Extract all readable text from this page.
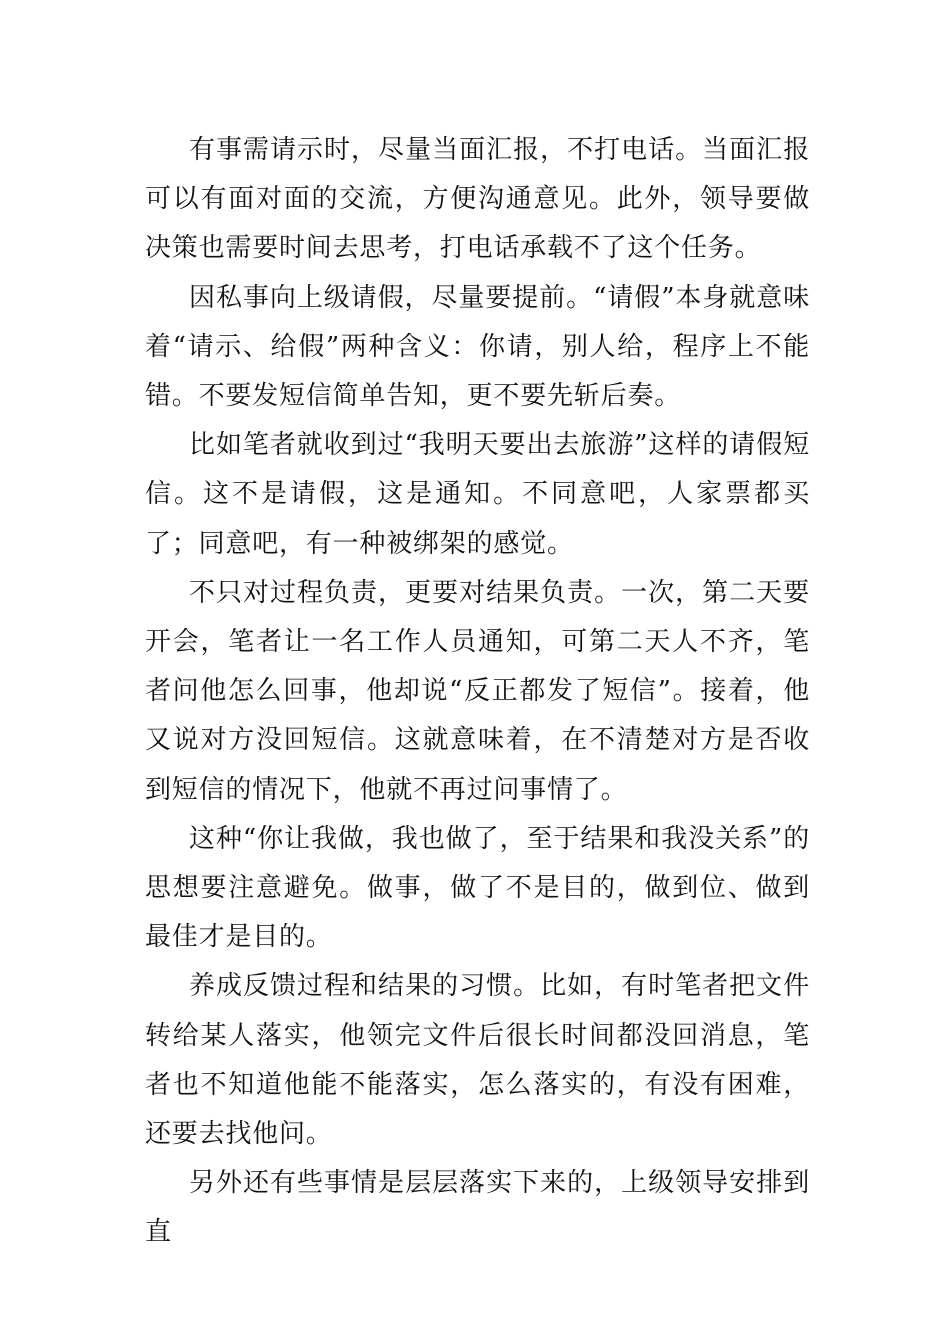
有事需请示时，尽量当面汇报，不打电话。当面汇报可以有面对面的交流，方便沟通意见。此外，领导要做决策也需要时间去思考，打电话承载不了这个任务。

因私事向上级请假，尽量要提前。“请假”本身就意味着“请示、给假”两种含义：你请，别人给，程序上不能错。不要发短信简单告知，更不要先斩后奏。

比如笔者就收到过“我明天要出去旅游”这样的请假短信。这不是请假，这是通知。不同意吧，人家票都买了；同意吧，有一种被绑架的感觉。

不只对过程负责，更要对结果负责。一次，第二天要开会，笔者让一名工作人员通知，可第二天人不齐，笔者问他怎么回事，他却说“反正都发了短信”。接着，他又说对方没回短信。这就意味着，在不清楚对方是否收到短信的情况下，他就不再过问事情了。

这种“你让我做，我也做了，至于结果和我没关系”的思想要注意避免。做事，做了不是目的，做到位、做到最佳才是目的。

养成反馈过程和结果的习惯。比如，有时笔者把文件转给某人落实，他领完文件后很长时间都没回消息，笔者也不知道他能不能落实，怎么落实的，有没有困难，还要去找他问。

另外还有些事情是层层落实下来的，上级领导安排到直
